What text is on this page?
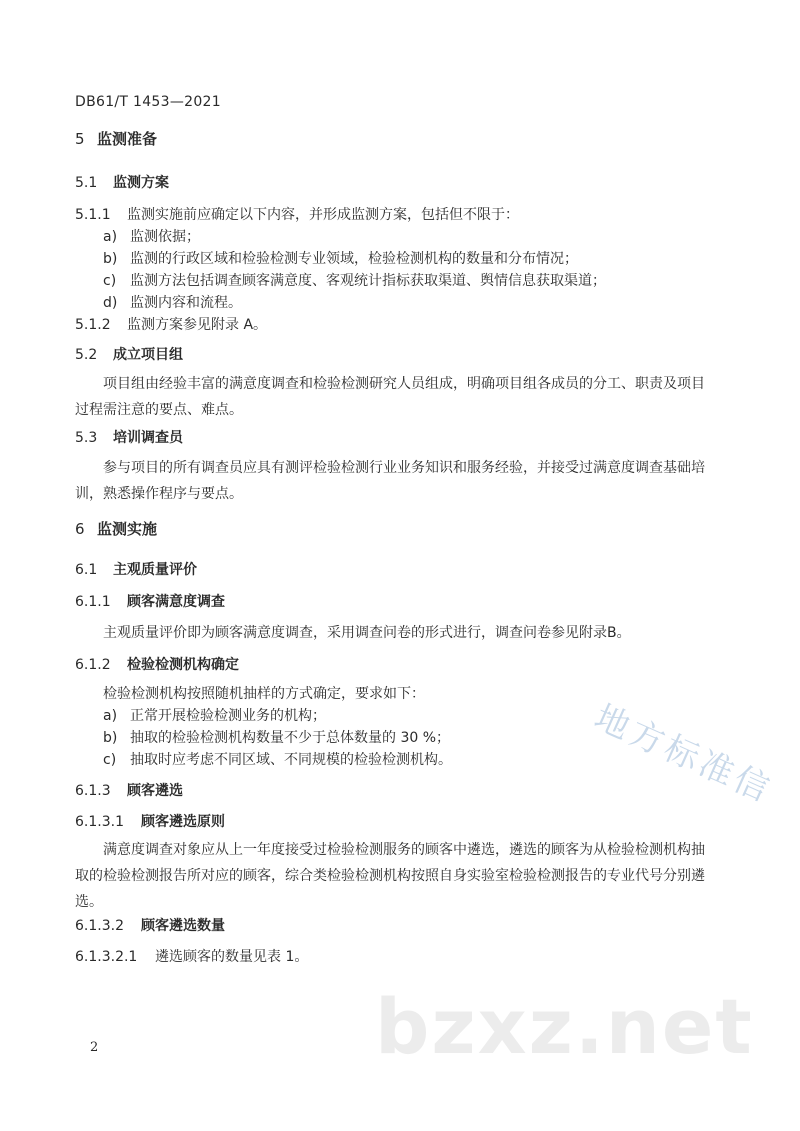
DB61/T 1453—2021
5 监测准备
5.1 监测方案
5.1.1 监测实施前应确定以下内容，并形成监测方案，包括但不限于：
a) 监测依据；
b) 监测的行政区域和检验检测专业领域，检验检测机构的数量和分布情况；
c) 监测方法包括调查顾客满意度、客观统计指标获取渠道、舆情信息获取渠道；
d) 监测内容和流程。
5.1.2 监测方案参见附录 A。
5.2 成立项目组
项目组由经验丰富的满意度调查和检验检测研究人员组成，明确项目组各成员的分工、职责及项目过程需注意的要点、难点。
5.3 培训调查员
参与项目的所有调查员应具有测评检验检测行业业务知识和服务经验，并接受过满意度调查基础培训，熟悉操作程序与要点。
6 监测实施
6.1 主观质量评价
6.1.1 顾客满意度调查
主观质量评价即为顾客满意度调查，采用调查问卷的形式进行，调查问卷参见附录B。
6.1.2 检验检测机构确定
检验检测机构按照随机抽样的方式确定，要求如下：
a) 正常开展检验检测业务的机构；
b) 抽取的检验检测机构数量不少于总体数量的 30 %；
c) 抽取时应考虑不同区域、不同规模的检验检测机构。
6.1.3 顾客遴选
6.1.3.1 顾客遴选原则
满意度调查对象应从上一年度接受过检验检测服务的顾客中遴选，遴选的顾客为从检验检测机构抽取的检验检测报告所对应的顾客，综合类检验检测机构按照自身实验室检验检测报告的专业代号分别遴选。
6.1.3.2 顾客遴选数量
6.1.3.2.1 遴选顾客的数量见表 1。
2
地方标准信
bzxz.net
